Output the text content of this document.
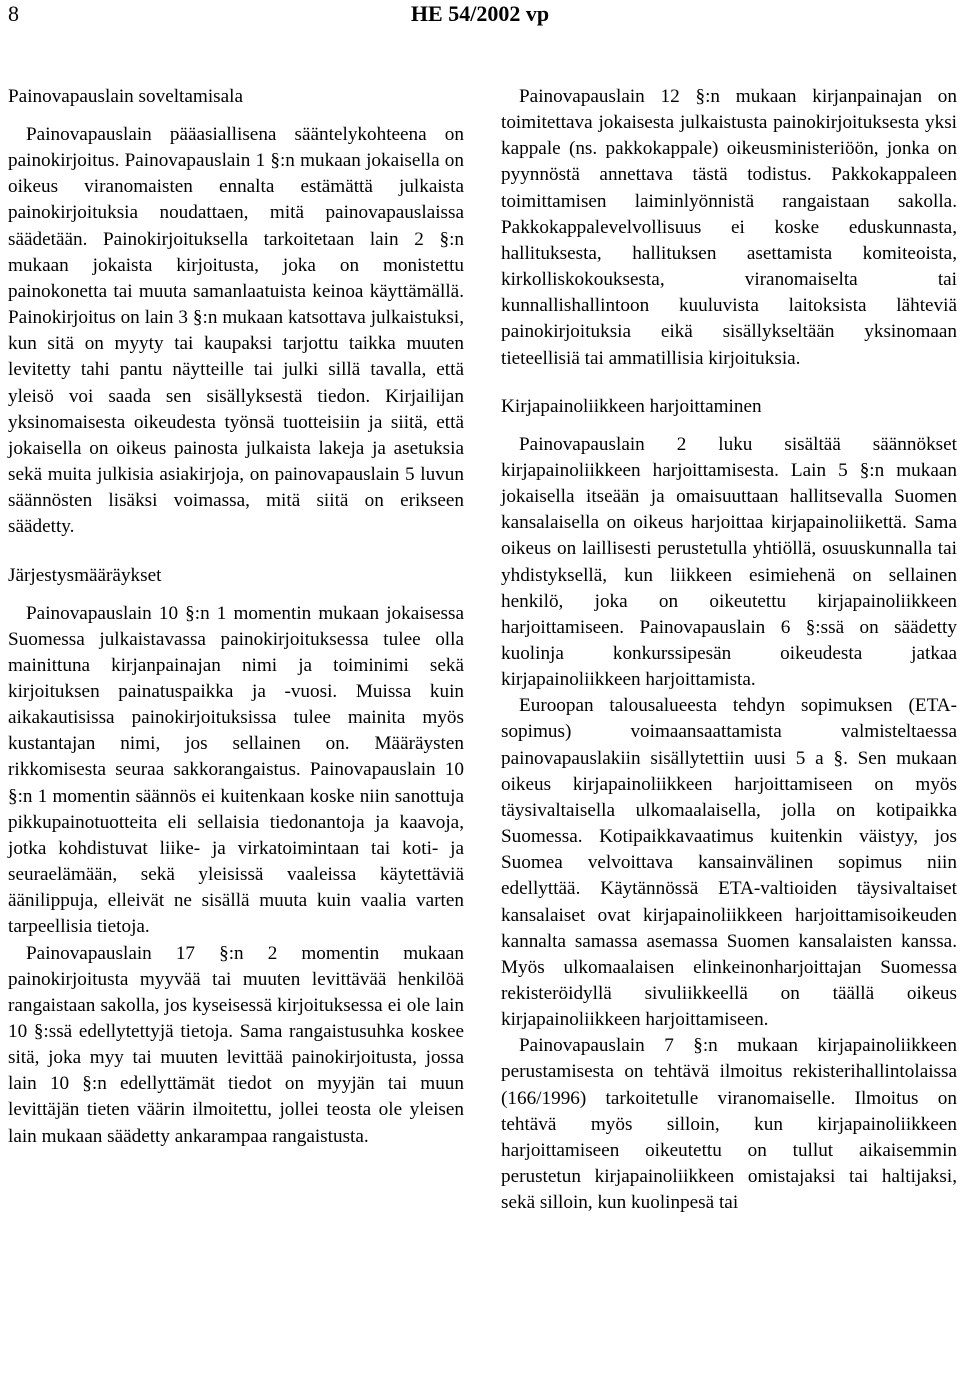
8	HE 54/2002 vp
Painovapauslain soveltamisala

Painovapauslain pääasiallisena sääntelykohteena on painokirjoitus. Painovapauslain 1 §:n mukaan jokaisella on oikeus viranomaisten ennalta estämättä julkaista painokirjoituksia noudattaen, mitä painovapauslaissa säädetään. Painokirjoituksella tarkoitetaan lain 2 §:n mukaan jokaista kirjoitusta, joka on monistettu painokonetta tai muuta samanlaatuista keinoa käyttämällä. Painokirjoitus on lain 3 §:n mukaan katsottava julkaistuksi, kun sitä on myyty tai kaupaksi tarjottu taikka muuten levitetty tahi pantu näytteille tai julki sillä tavalla, että yleisö voi saada sen sisällyksestä tiedon. Kirjailijan yksinomaisesta oikeudesta työnsä tuotteisiin ja siitä, että jokaisella on oikeus painosta julkaista lakeja ja asetuksia sekä muita julkisia asiakirjoja, on painovapauslain 5 luvun säännösten lisäksi voimassa, mitä siitä on erikseen säädetty.

Järjestysmääräykset

Painovapauslain 10 §:n 1 momentin mukaan jokaisessa Suomessa julkaistavassa painokirjoituksessa tulee olla mainittuna kirjanpainajan nimi ja toiminimi sekä kirjoituksen painatuspaikka ja -vuosi. Muissa kuin aikakautisissa painokirjoituksissa tulee mainita myös kustantajan nimi, jos sellainen on. Määräysten rikkomisesta seuraa sakkorangaistus. Painovapauslain 10 §:n 1 momentin säännös ei kuitenkaan koske niin sanottuja pikkupainotuotteita eli sellaisia tiedonantoja ja kaavoja, jotka kohdistuvat liike- ja virkatoimintaan tai koti- ja seuraelämään, sekä yleisissä vaaleissa käytettäviä äänilippuja, elleivät ne sisällä muuta kuin vaalia varten tarpeellisia tietoja.

Painovapauslain 17 §:n 2 momentin mukaan painokirjoitusta myyvää tai muuten levittävää henkilöä rangaistaan sakolla, jos kyseisessä kirjoituksessa ei ole lain 10 §:ssä edellytettyjä tietoja. Sama rangaistusuhka koskee sitä, joka myy tai muuten levittää painokirjoitusta, jossa lain 10 §:n edellyttämät tiedot on myyjän tai muun levittäjän tieten väärin ilmoitettu, jollei teosta ole yleisen lain mukaan säädetty ankarampaa rangaistusta.

Painovapauslain 12 §:n mukaan kirjanpainajan on toimitettava jokaisesta julkaistusta painokirjoituksesta yksi kappale (ns. pakkokappale) oikeusministeriöön, jonka on pyynnöstä annettava tästä todistus. Pakkokappaleen toimittamisen laiminlyönnistä rangaistaan sakolla. Pakkokappalevelvollisuus ei koske eduskunnasta, hallituksesta, hallituksen asettamista komiteoista, kirkolliskokouksesta, viranomaiselta tai kunnallishallintoon kuuluvista laitoksista lähteviä painokirjoituksia eikä sisällykseltään yksinomaan tieteellisiä tai ammatillisia kirjoituksia.

Kirjapainoliikkeen harjoittaminen

Painovapauslain 2 luku sisältää säännökset kirjapainoliikkeen harjoittamisesta. Lain 5 §:n mukaan jokaisella itseään ja omaisuuttaan hallitsevalla Suomen kansalaisella on oikeus harjoittaa kirjapainoliikettä. Sama oikeus on laillisesti perustetulla yhtiöllä, osuuskunnalla tai yhdistyksellä, kun liikkeen esimiehenä on sellainen henkilö, joka on oikeutettu kirjapainoliikkeen harjoittamiseen. Painovapauslain 6 §:ssä on säädetty kuolinja konkurssipesän oikeudesta jatkaa kirjapainoliikkeen harjoittamista.

Euroopan talousalueesta tehdyn sopimuksen (ETA-sopimus) voimaansaattamista valmisteltaessa painovapauslakiin sisällytettiin uusi 5 a §. Sen mukaan oikeus kirjapainoliikkeen harjoittamiseen on myös täysivaltaisella ulkomaalaisella, jolla on kotipaikka Suomessa. Kotipaikkavaatimus kuitenkin väistyy, jos Suomea velvoittava kansainvälinen sopimus niin edellyttää. Käytännössä ETA-valtioiden täysivaltaiset kansalaiset ovat kirjapainoliikkeen harjoittamisoikeuden kannalta samassa asemassa Suomen kansalaisten kanssa. Myös ulkomaalaisen elinkeinonharjoittajan Suomessa rekisteröidyllä sivuliikkeellä on täällä oikeus kirjapainoliikkeen harjoittamiseen.

Painovapauslain 7 §:n mukaan kirjapainoliikkeen perustamisesta on tehtävä ilmoitus rekisterihallintolaissa (166/1996) tarkoitetulle viranomaiselle. Ilmoitus on tehtävä myös silloin, kun kirjapainoliikkeen harjoittamiseen oikeutettu on tullut aikaisemmin perustetun kirjapainoliikkeen omistajaksi tai haltijaksi, sekä silloin, kun kuolinpesä tai
